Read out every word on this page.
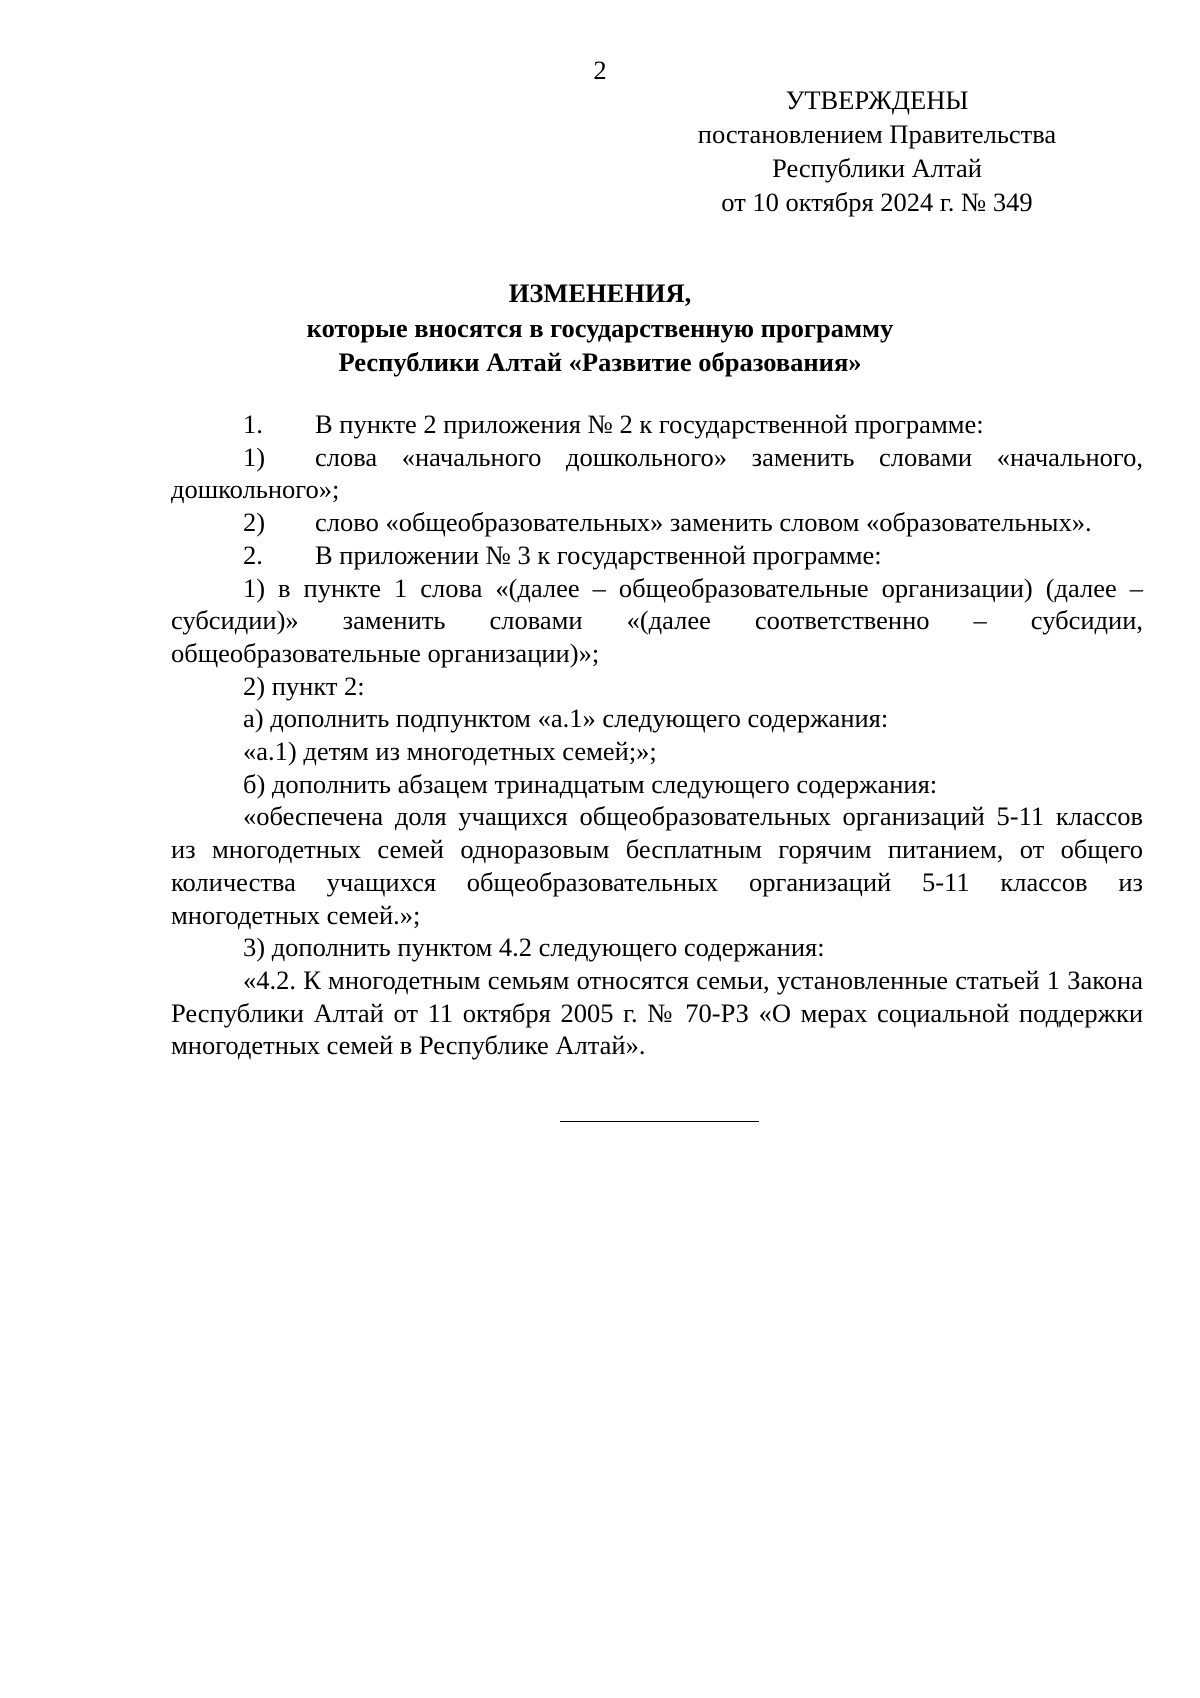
2
УТВЕРЖДЕНЫ
постановлением Правительства
Республики Алтай
от 10 октября 2024 г. № 349
ИЗМЕНЕНИЯ,
которые вносятся в государственную программу
Республики Алтай «Развитие образования»

1. В пункте 2 приложения № 2 к государственной программе:

1) слова «начального дошкольного» заменить словами «начального, дошкольного»;

2) слово «общеобразовательных» заменить словом «образовательных».

2. В приложении № 3 к государственной программе:

1) в пункте 1 слова «(далее – общеобразовательные организации) (далее – субсидии)» заменить словами «(далее соответственно – субсидии, общеобразовательные организации)»;

2) пункт 2:

а) дополнить подпунктом «а.1» следующего содержания:

«а.1) детям из многодетных семей;»;

б) дополнить абзацем тринадцатым следующего содержания:

«обеспечена доля учащихся общеобразовательных организаций 5-11 классов из многодетных семей одноразовым бесплатным горячим питанием, от общего количества учащихся общеобразовательных организаций 5-11 классов из многодетных семей.»;

3) дополнить пунктом 4.2 следующего содержания:

«4.2. К многодетным семьям относятся семьи, установленные статьей 1 Закона Республики Алтай от 11 октября 2005 г. № 70-РЗ «О мерах социальной поддержки многодетных семей в Республике Алтай».
